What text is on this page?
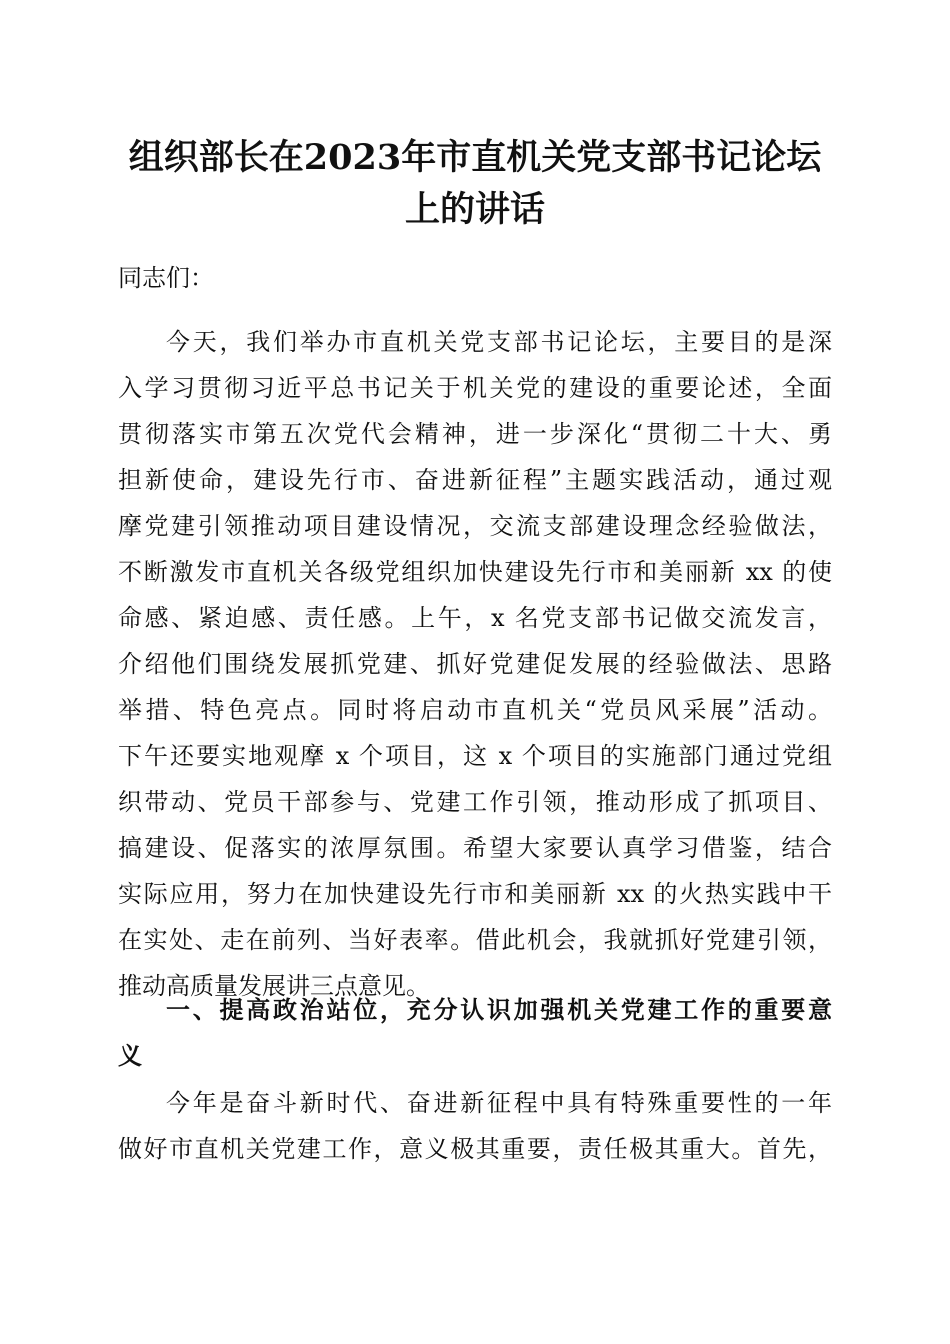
组织部长在2023年市直机关党支部书记论坛
上的讲话

同志们：

今天，我们举办市直机关党支部书记论坛，主要目的是深
入学习贯彻习近平总书记关于机关党的建设的重要论述，全面
贯彻落实市第五次党代会精神，进一步深化“贯彻二十大、勇
担新使命，建设先行市、奋进新征程”主题实践活动，通过观
摩党建引领推动项目建设情况，交流支部建设理念经验做法，
不断激发市直机关各级党组织加快建设先行市和美丽新 xx 的使
命感、紧迫感、责任感。上午，x 名党支部书记做交流发言，
介绍他们围绕发展抓党建、抓好党建促发展的经验做法、思路
举措、特色亮点。同时将启动市直机关“党员风采展”活动。
下午还要实地观摩 x 个项目，这 x 个项目的实施部门通过党组
织带动、党员干部参与、党建工作引领，推动形成了抓项目、
搞建设、促落实的浓厚氛围。希望大家要认真学习借鉴，结合
实际应用，努力在加快建设先行市和美丽新 xx 的火热实践中干
在实处、走在前列、当好表率。借此机会，我就抓好党建引领，
推动高质量发展讲三点意见。
一、提高政治站位，充分认识加强机关党建工作的重要意
义
今年是奋斗新时代、奋进新征程中具有特殊重要性的一年
做好市直机关党建工作，意义极其重要，责任极其重大。首先，
